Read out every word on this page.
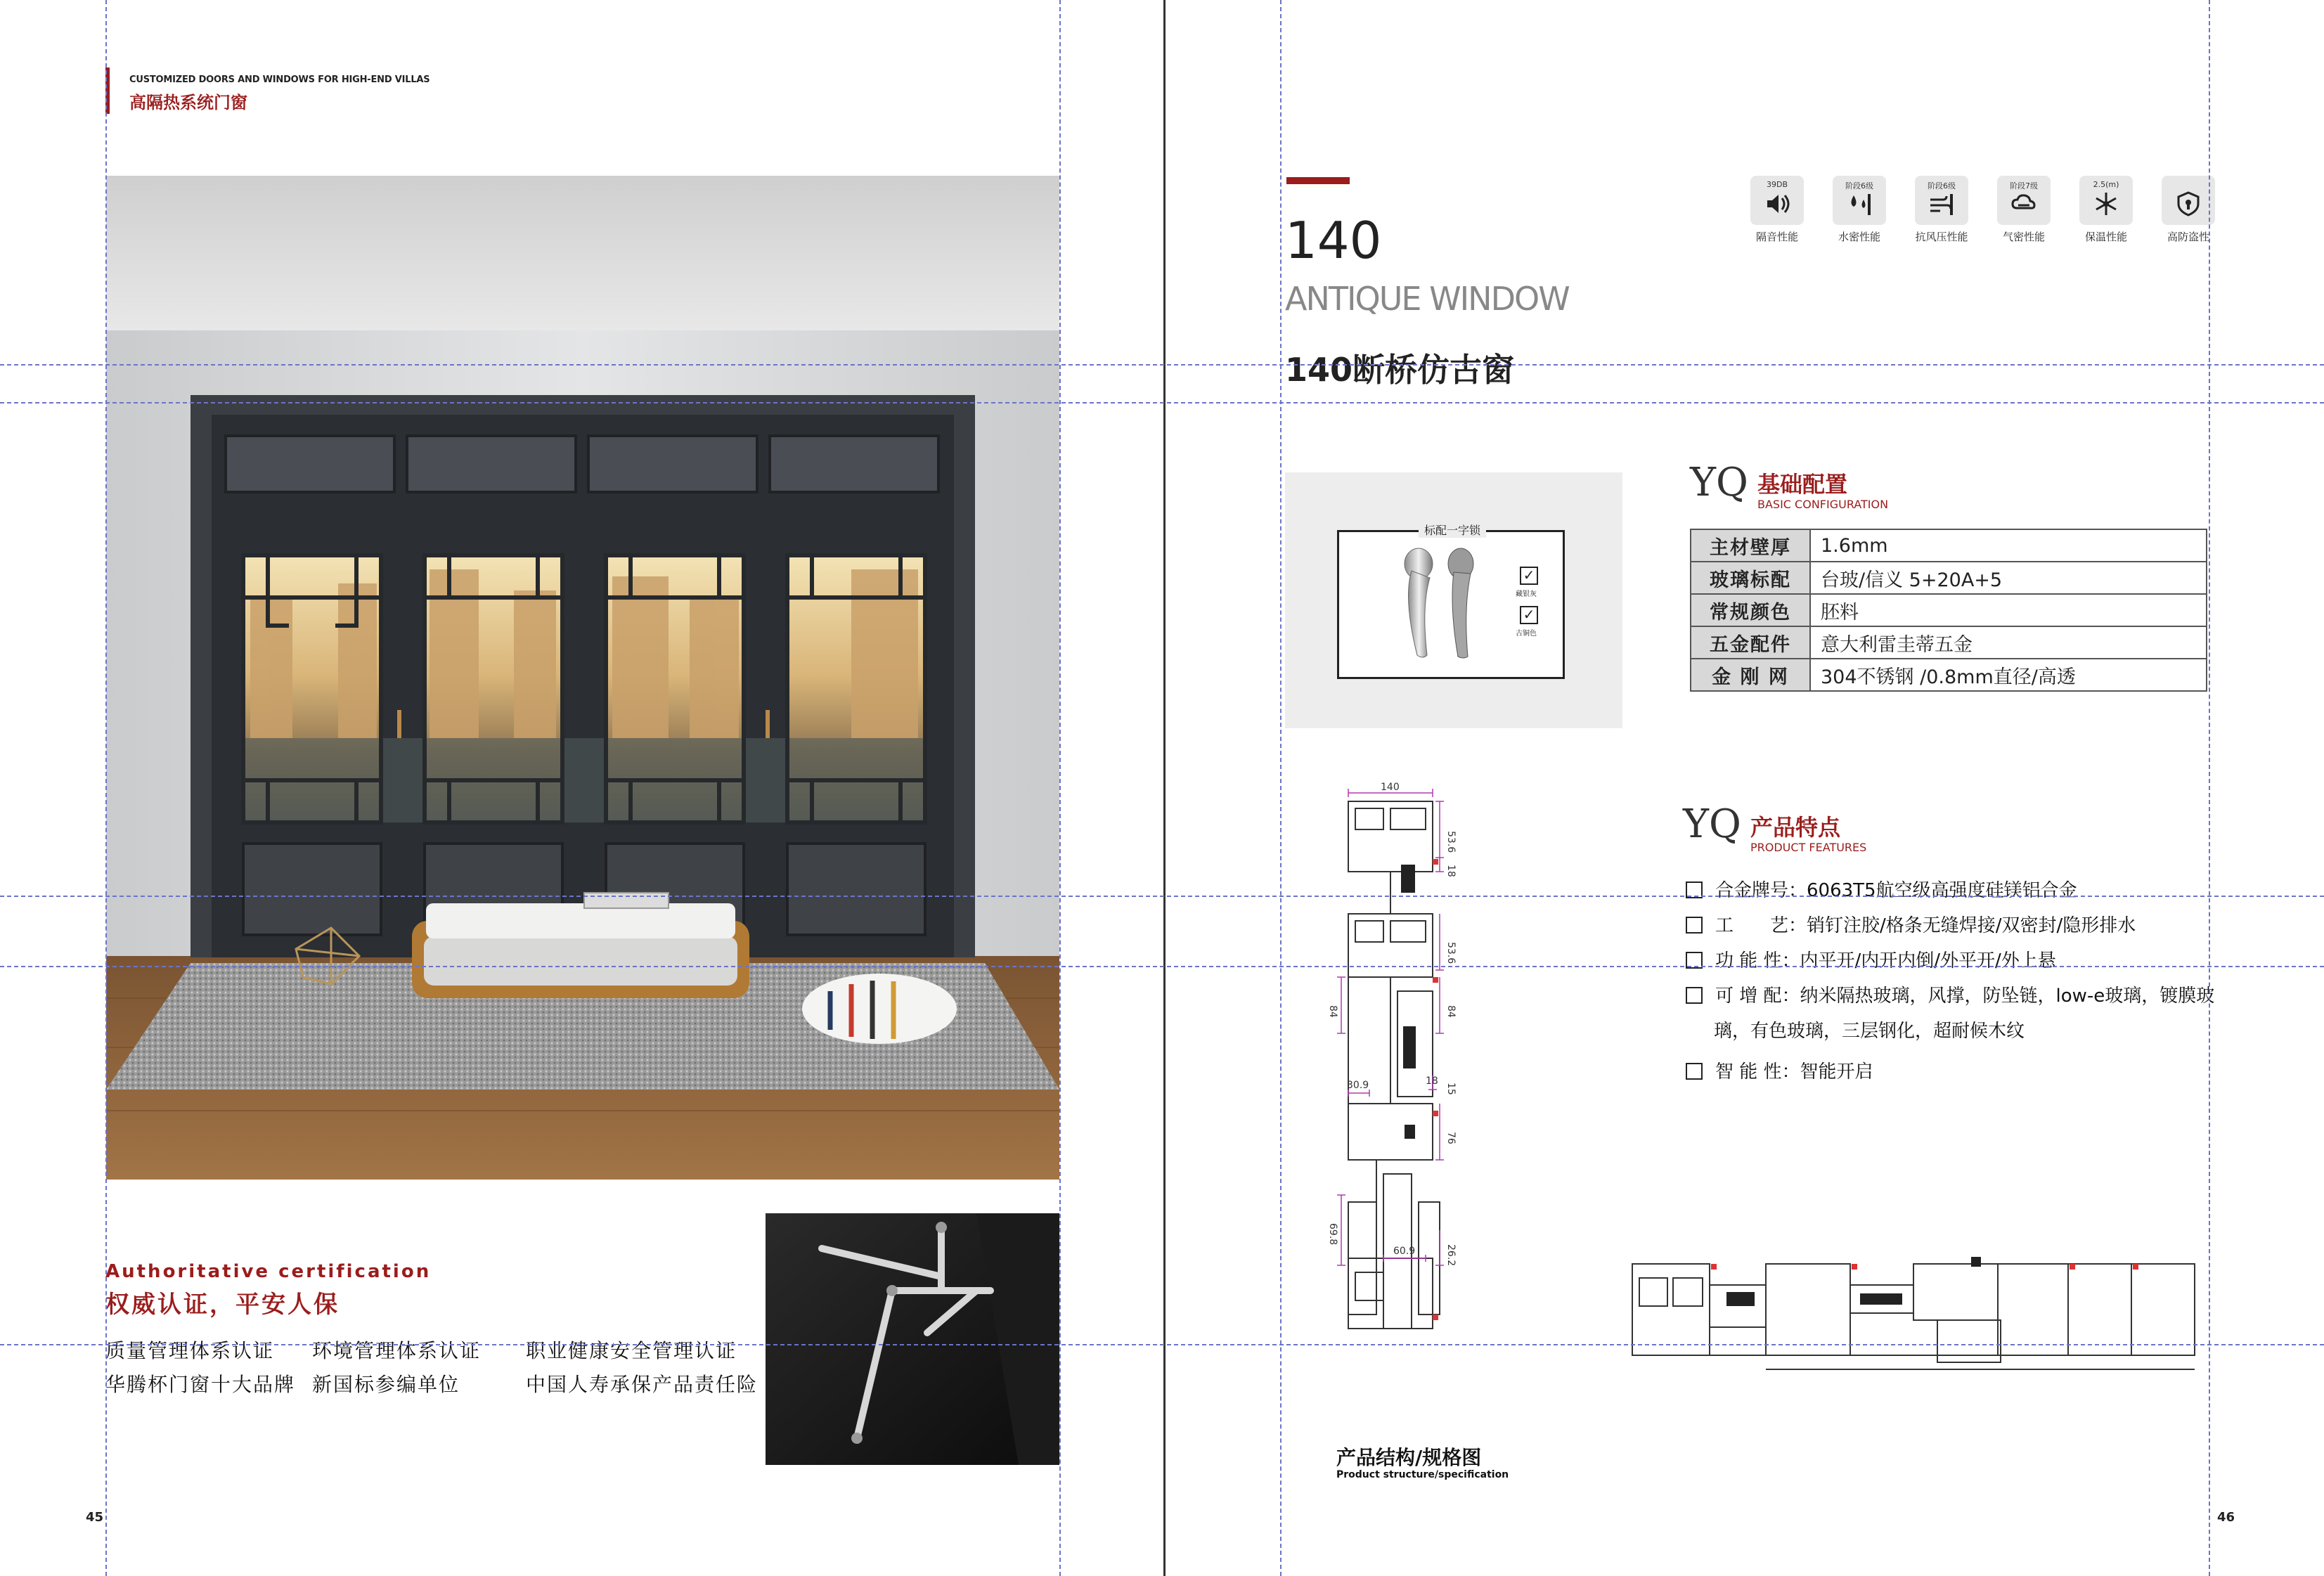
CUSTOMIZED DOORS AND WINDOWS FOR HIGH-END VILLAS
高隔热系统门窗
Authoritative certification
权威认证，平安人保
质量管理体系认证 环境管理体系认证 职业健康安全管理认证
华腾杯门窗十大品牌 新国标参编单位	中国人寿承保产品责任险
45
140
ANTIQUE WINDOW
140断桥仿古窗
39DB
隔音性能
阶段6级
水密性能
阶段6级
抗风压性能
阶段7级
气密性能
2.5(m)
保温性能	高防盗性
标配一字锁
✓
藏银灰
✓
古铜色
YQ 基础配置
BASIC CONFIGURATION
主材壁厚	1.6mm
玻璃标配	台玻/信义 5+20A+5
常规颜色	胚料
五金配件	意大利雷圭蒂五金
金 刚 网	304不锈钢 /0.8mm直径/高透
YQ 产品特点
PRODUCT FEATURES
合金牌号：6063T5航空级高强度硅镁铝合金
工　　艺：销钉注胶/格条无缝焊接/双密封/隐形排水
功 能 性：内平开/内开内倒/外平开/外上悬
可 增 配：纳米隔热玻璃，风撑，防坠链，low-e玻璃，镀膜玻
璃，有色玻璃，三层钢化，超耐候木纹
智 能 性：智能开启
140
53.6
18
53.6
84	84
30.9	15
18
76
69.8
26.2
60.9
产品结构/规格图
Product structure/specification
46
